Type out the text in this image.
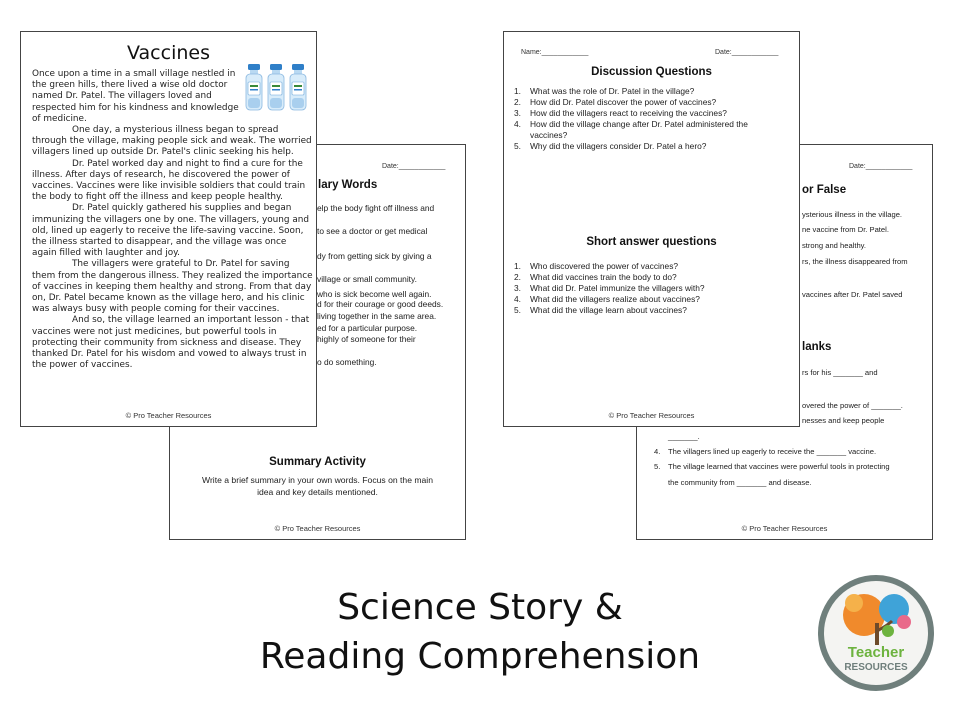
Date:____________
lary Words
elp the body fight off illness and
to see a doctor or get medical
dy from getting sick by giving a
village or small community.
who is sick become well again.
d for their courage or good deeds.
living together in the same area.
ed for a particular purpose.
highly of someone for their
o do something.
Summary Activity
Write a brief summary in your own words. Focus on the main idea and key details mentioned.
© Pro Teacher Resources
Date:____________
or False
ysterious illness in the village.
ne vaccine from Dr. Patel.
strong and healthy.
rs, the illness disappeared from
vaccines after Dr. Patel saved
lanks
rs for his _______ and
overed the power of _______.
nesses and keep people
_______.
4. The villagers lined up eagerly to receive the _______ vaccine.
5. The village learned that vaccines were powerful tools in protecting
the community from _______ and disease.
© Pro Teacher Resources
Vaccines

Once upon a time in a small village nestled in the green hills, there lived a wise old doctor named Dr. Patel. The villagers loved and respected him for his kindness and knowledge of medicine.

One day, a mysterious illness began to spread through the village, making people sick and weak. The worried villagers lined up outside Dr. Patel's clinic seeking his help.

Dr. Patel worked day and night to find a cure for the illness. After days of research, he discovered the power of vaccines. Vaccines were like invisible soldiers that could train the body to fight off the illness and keep people healthy.

Dr. Patel quickly gathered his supplies and began immunizing the villagers one by one. The villagers, young and old, lined up eagerly to receive the life-saving vaccine. Soon, the illness started to disappear, and the village was once again filled with laughter and joy.

The villagers were grateful to Dr. Patel for saving them from the dangerous illness. They realized the importance of vaccines in keeping them healthy and strong. From that day on, Dr. Patel became known as the village hero, and his clinic was always busy with people coming for their vaccines.

And so, the village learned an important lesson - that vaccines were not just medicines, but powerful tools in protecting their community from sickness and disease. They thanked Dr. Patel for his wisdom and vowed to always trust in the power of vaccines.

© Pro Teacher Resources
Name:____________	Date:____________
Discussion Questions
1.	What was the role of Dr. Patel in the village?
2.	How did Dr. Patel discover the power of vaccines?
3.	How did the villagers react to receiving the vaccines?
4.	How did the village change after Dr. Patel administered the vaccines?
5.	Why did the villagers consider Dr. Patel a hero?
Short answer questions
1.	Who discovered the power of vaccines?
2.	What did vaccines train the body to do?
3.	What did Dr. Patel immunize the villagers with?
4.	What did the villagers realize about vaccines?
5.	What did the village learn about vaccines?
© Pro Teacher Resources
Science Story &
Reading Comprehension	Teacher
RESOURCES
